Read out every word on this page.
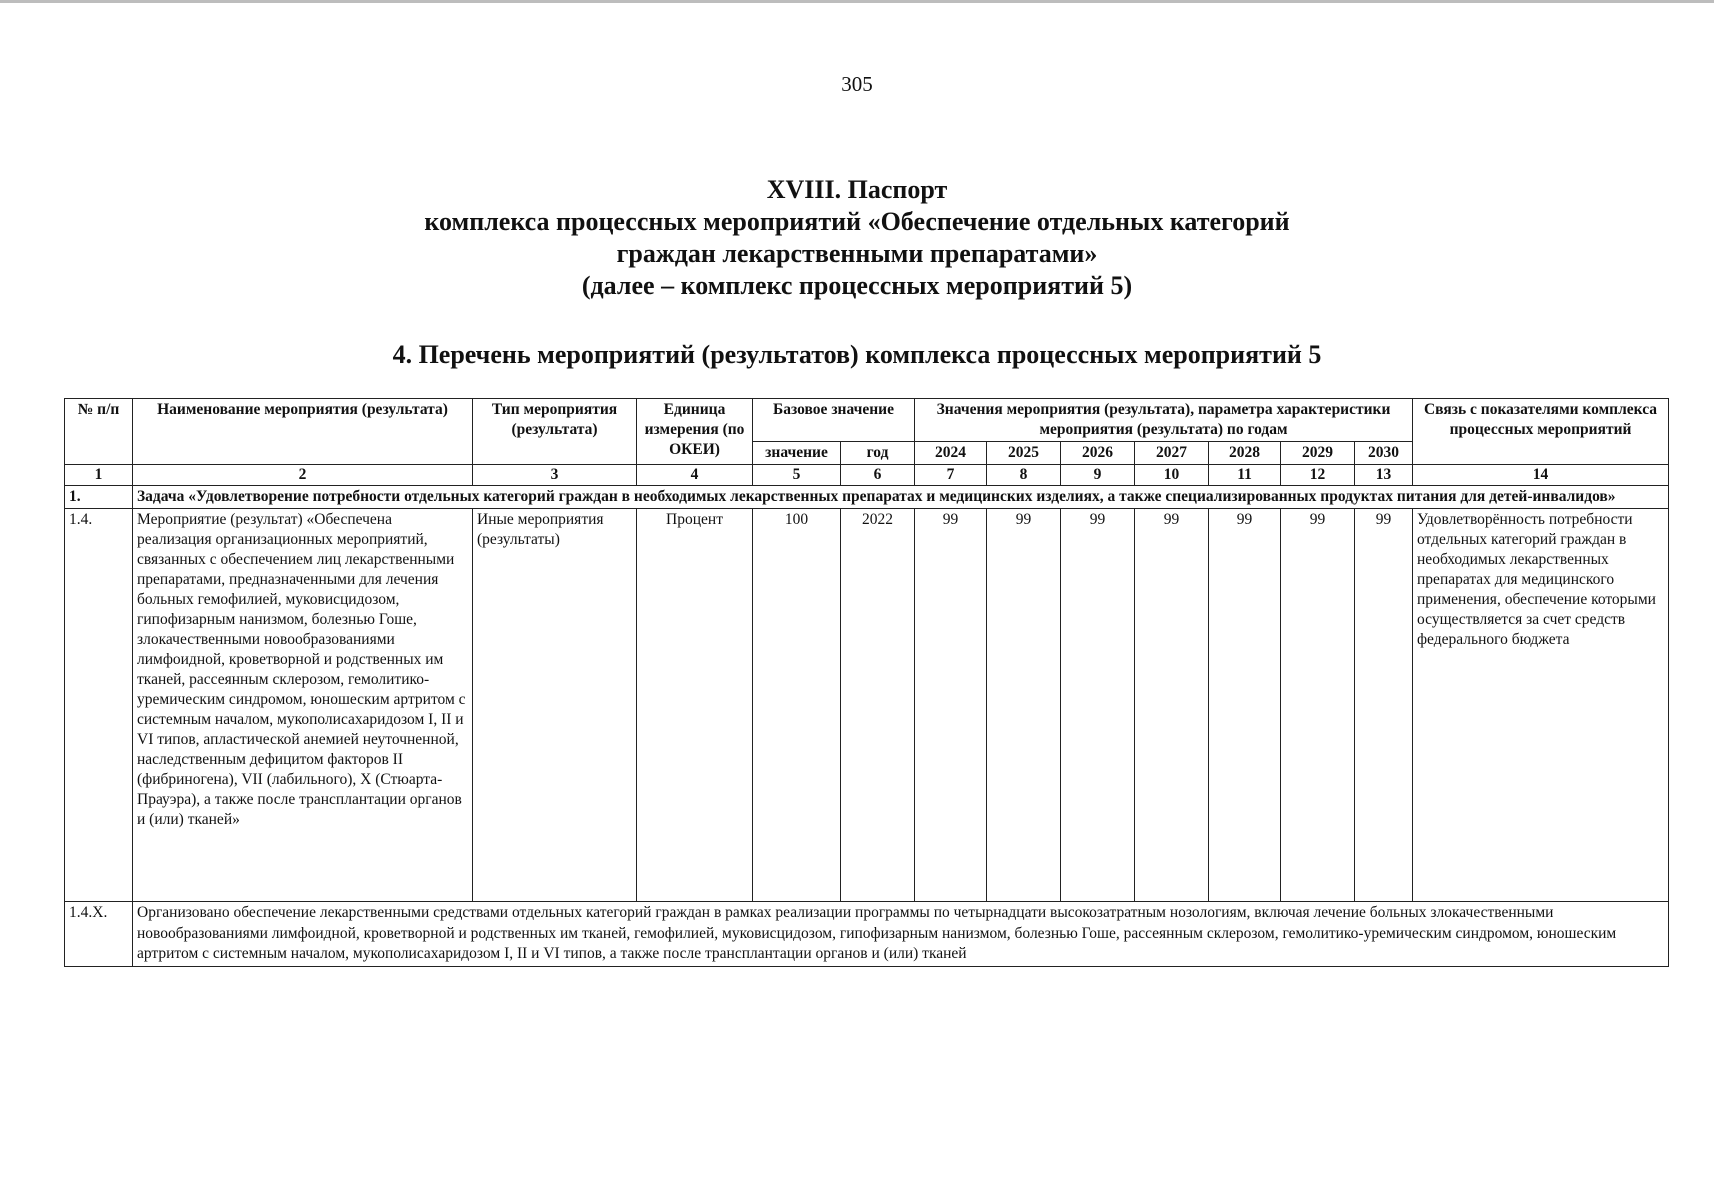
305
XVIII. Паспорт
комплекса процессных мероприятий «Обеспечение отдельных категорий
граждан лекарственными препаратами»
(далее – комплекс процессных мероприятий 5)
4. Перечень мероприятий (результатов) комплекса процессных мероприятий 5
№ п/п	Наименование мероприятия (результата)	Тип мероприятия (результата)	Единица измерения (по ОКЕИ)	Базовое значение		Значения мероприятия (результата), параметра характеристики мероприятия (результата) по годам							Связь с показателями комплекса процессных мероприятий
				значение	год	2024	2025	2026	2027	2028	2029	2030	
1	2	3	4	5	6	7	8	9	10	11	12	13	14
1.	Задача «Удовлетворение потребности отдельных категорий граждан в необходимых лекарственных препаратах и медицинских изделиях, а также специализированных продуктах питания для детей-инвалидов»												
1.4.	Мероприятие (результат) «Обеспечена реализация организационных мероприятий, связанных с обеспечением лиц лекарственными препаратами, предназначенными для лечения больных гемофилией, муковисцидозом, гипофизарным нанизмом, болезнью Гоше, злокачественными новообразованиями лимфоидной, кроветворной и родственных им тканей, рассеянным склерозом, гемолитико-уремическим синдромом, юношеским артритом с системным началом, мукополисахаридозом I, II и VI типов, апластической анемией неуточненной, наследственным дефицитом факторов II (фибриногена), VII (лабильного), X (Стюарта-Прауэра), а также после трансплантации органов и (или) тканей»	Иные мероприятия (результаты)	Процент	100	2022	99	99	99	99	99	99	99	Удовлетворённость потребности отдельных категорий граждан в необходимых лекарственных препаратах для медицинского применения, обеспечение которыми осуществляется за счет средств федерального бюджета
1.4.Х.	Организовано обеспечение лекарственными средствами отдельных категорий граждан в рамках реализации программы по четырнадцати высокозатратным нозологиям, включая лечение больных злокачественными новообразованиями лимфоидной, кроветворной и родственных им тканей, гемофилией, муковисцидозом, гипофизарным нанизмом, болезнью Гоше, рассеянным склерозом, гемолитико-уремическим синдромом, юношеским артритом с системным началом, мукополисахаридозом I, II и VI типов, а также после трансплантации органов и (или) тканей												
